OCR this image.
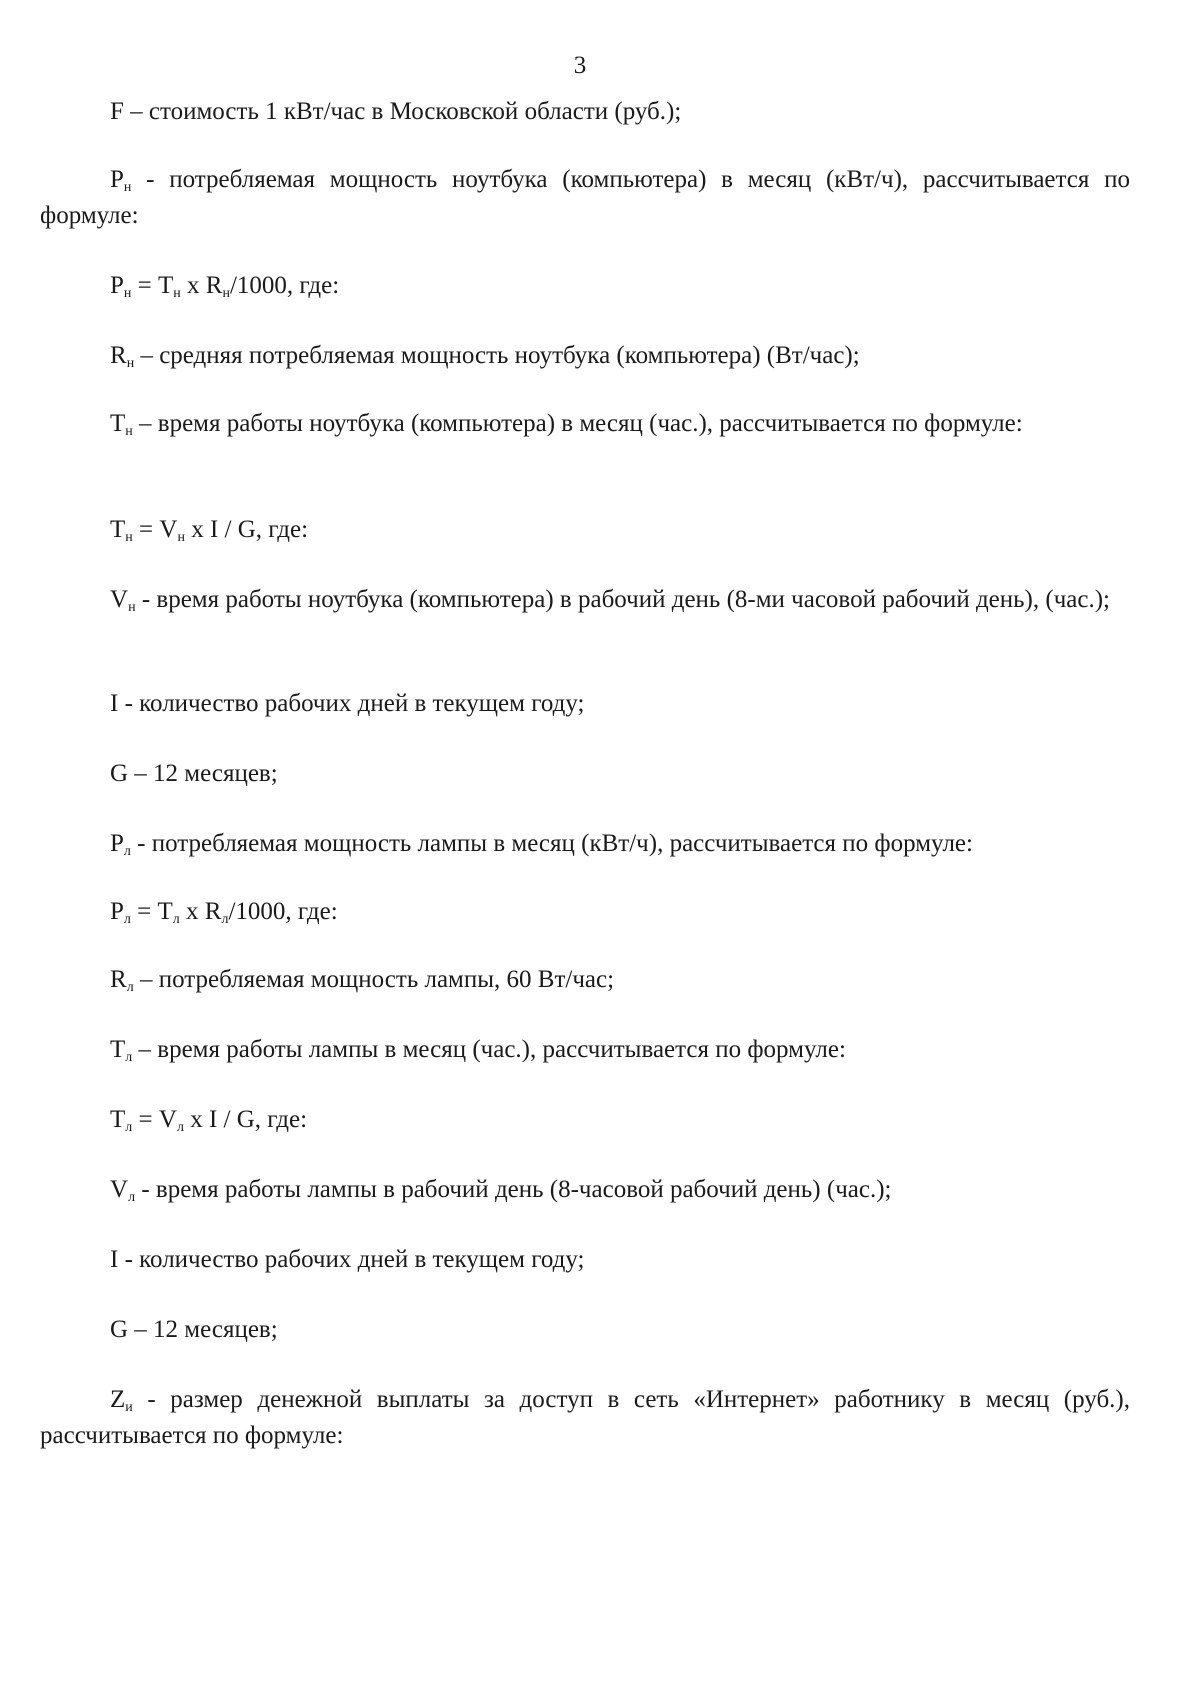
3

F – стоимость 1 кВт/час в Московской области (руб.);

$P_н$ - потребляемая мощность ноутбука (компьютера) в месяц (кВт/ч), рассчитывается по формуле:

$P_н = T_н$ x $R_н/1000$, где:

$R_н$ – средняя потребляемая мощность ноутбука (компьютера) (Вт/час);

$T_н$ – время работы ноутбука (компьютера) в месяц (час.), рассчитывается по формуле:

$T_н = V_н$ x I / G, где:

$V_н$ - время работы ноутбука (компьютера) в рабочий день (8-ми часовой рабочий день), (час.);

I - количество рабочих дней в текущем году;

G – 12 месяцев;

$P_л$ - потребляемая мощность лампы в месяц (кВт/ч), рассчитывается по формуле:

$P_л = T_л$ x $R_л/1000$, где:

$R_л$ – потребляемая мощность лампы, 60 Вт/час;

$T_л$ – время работы лампы в месяц (час.), рассчитывается по формуле:

$T_л = V_л$ x I / G, где:

$V_л$ - время работы лампы в рабочий день (8-часовой рабочий день) (час.);

I - количество рабочих дней в текущем году;

G – 12 месяцев;

$Z_и$ - размер денежной выплаты за доступ в сеть «Интернет» работнику в месяц (руб.), рассчитывается по формуле:
